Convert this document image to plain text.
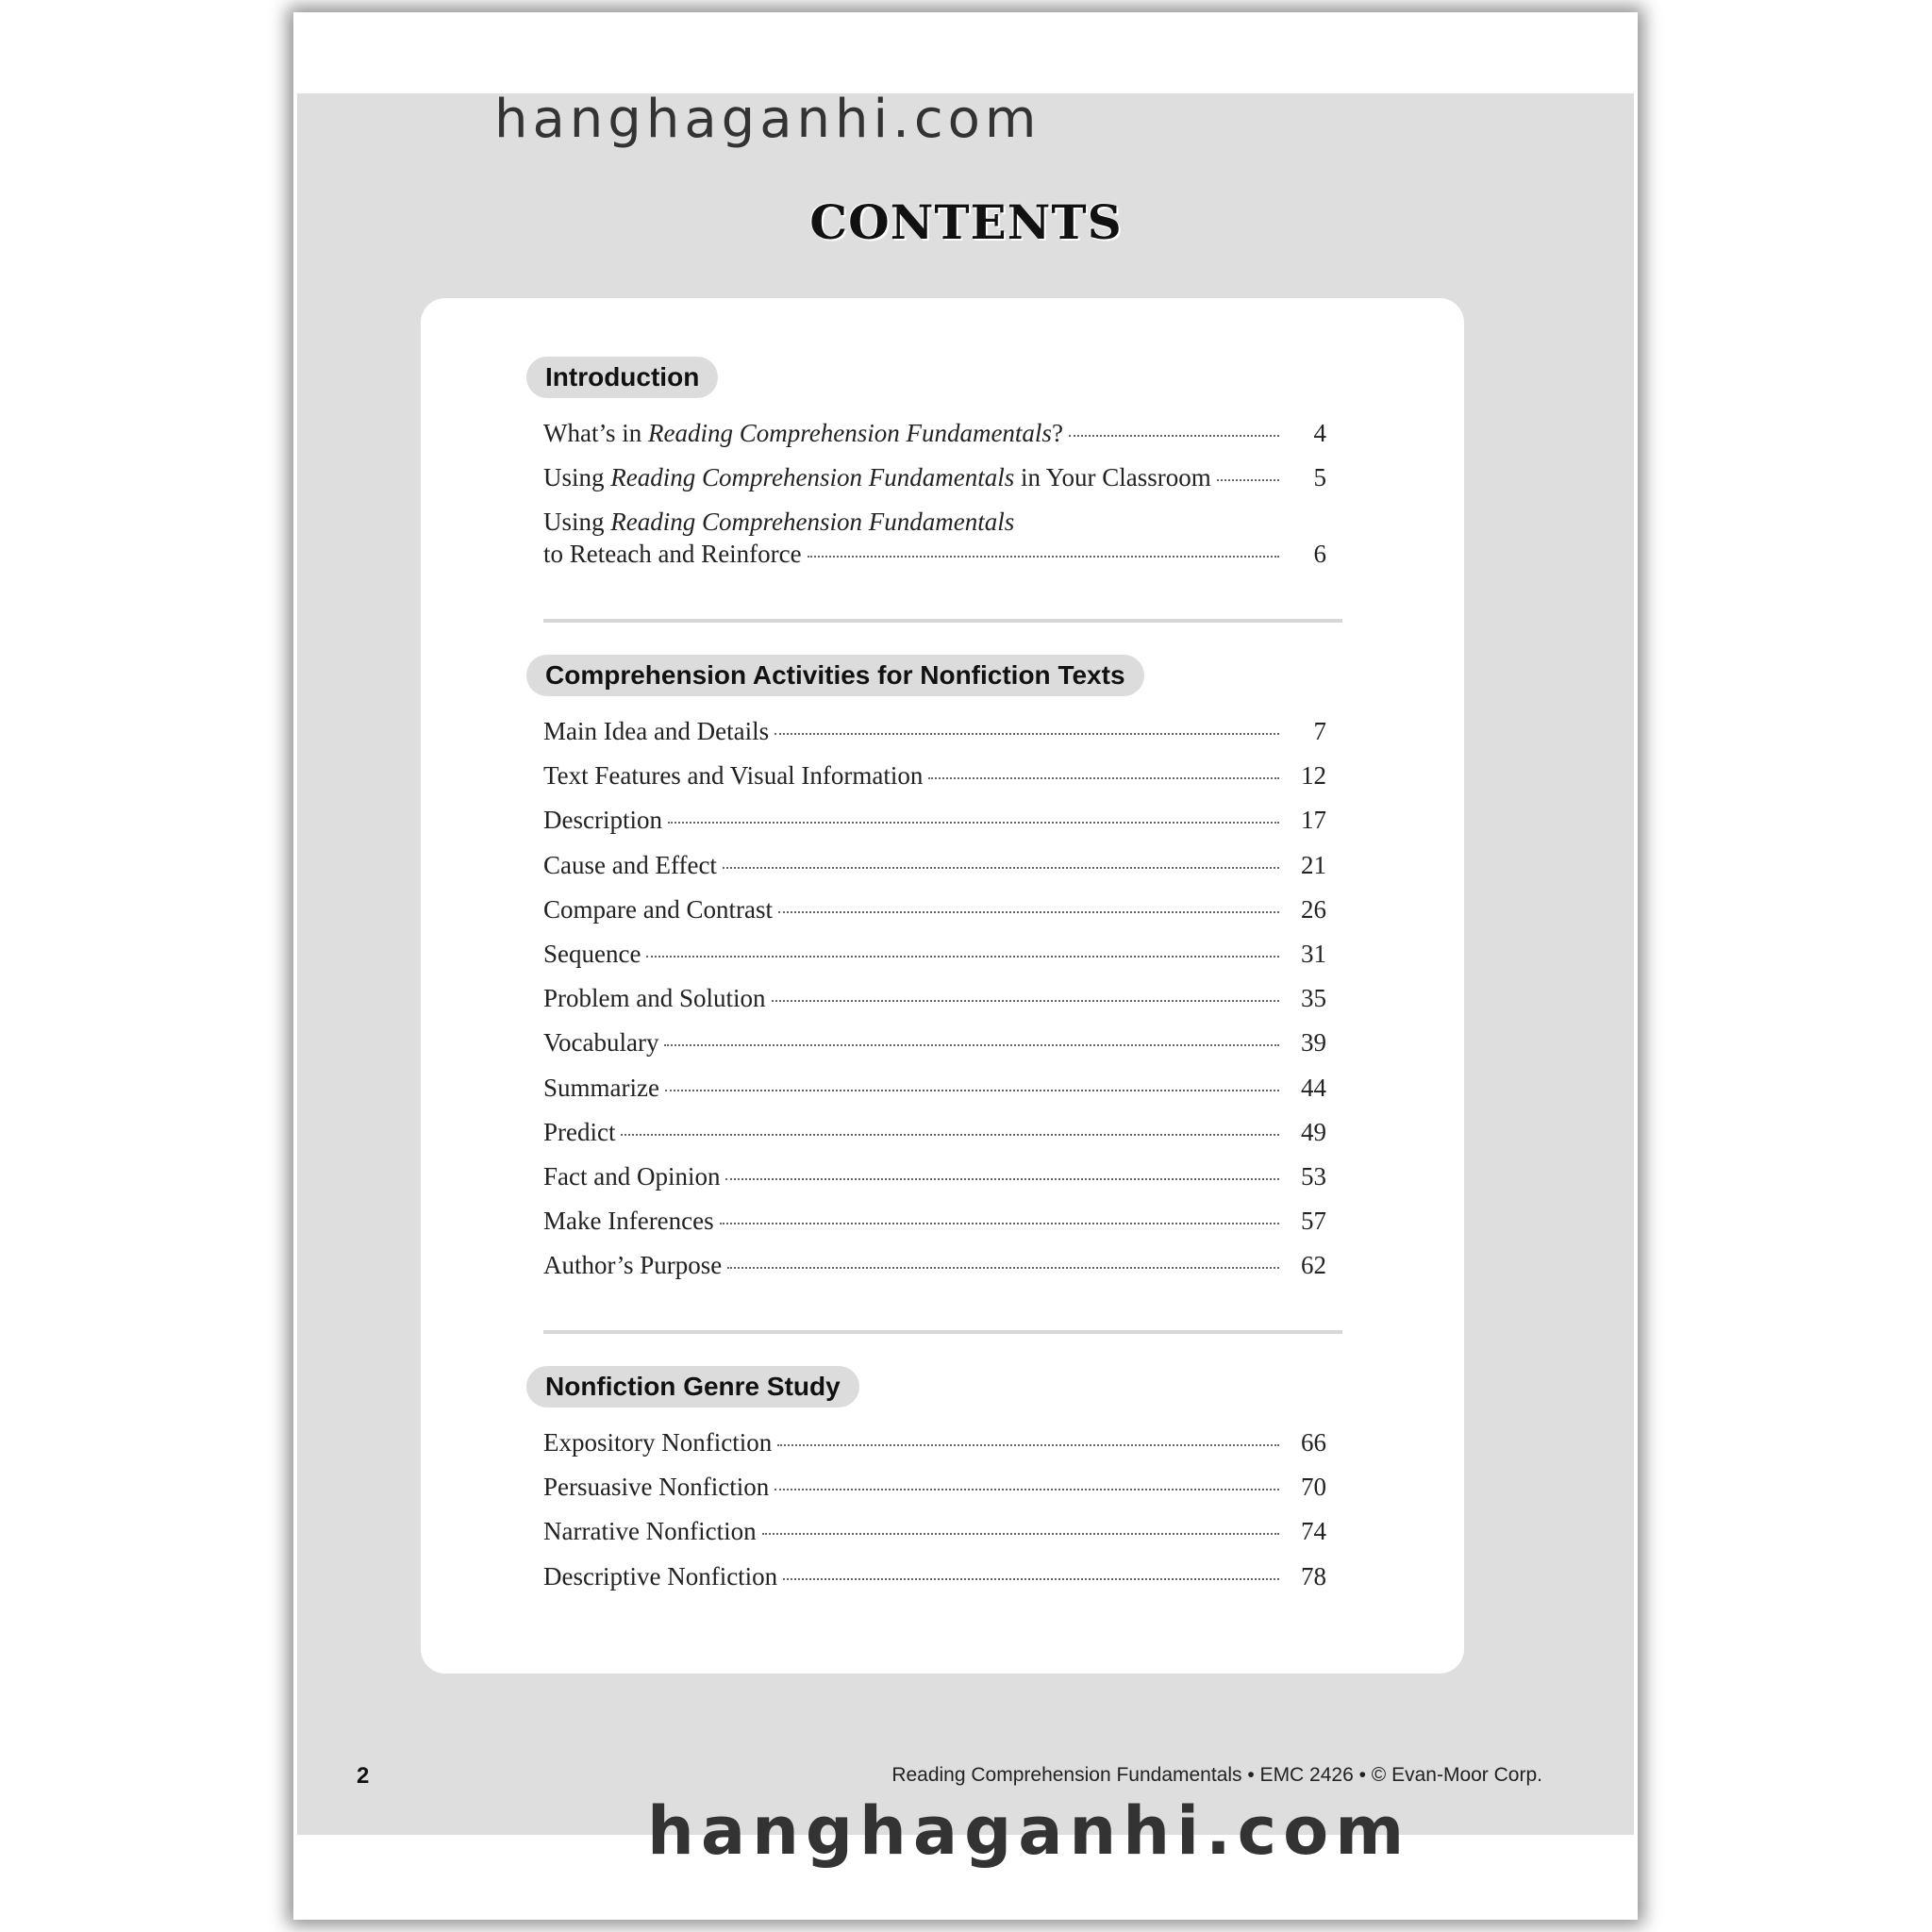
hanghaganhi.com
CONTENTS
Introduction
What’s in Reading Comprehension Fundamentals?	4
Using Reading Comprehension Fundamentals in Your Classroom	5
Using Reading Comprehension Fundamentals
to Reteach and Reinforce	6
Comprehension Activities for Nonfiction Texts
Main Idea and Details	7
Text Features and Visual Information	12
Description	17
Cause and Effect	21
Compare and Contrast	26
Sequence	31
Problem and Solution	35
Vocabulary	39
Summarize	44
Predict	49
Fact and Opinion	53
Make Inferences	57
Author’s Purpose	62
Nonfiction Genre Study
Expository Nonfiction	66
Persuasive Nonfiction	70
Narrative Nonfiction	74
Descriptive Nonfiction	78
2	Reading Comprehension Fundamentals • EMC 2426 • © Evan-Moor Corp.
hanghaganhi.com
